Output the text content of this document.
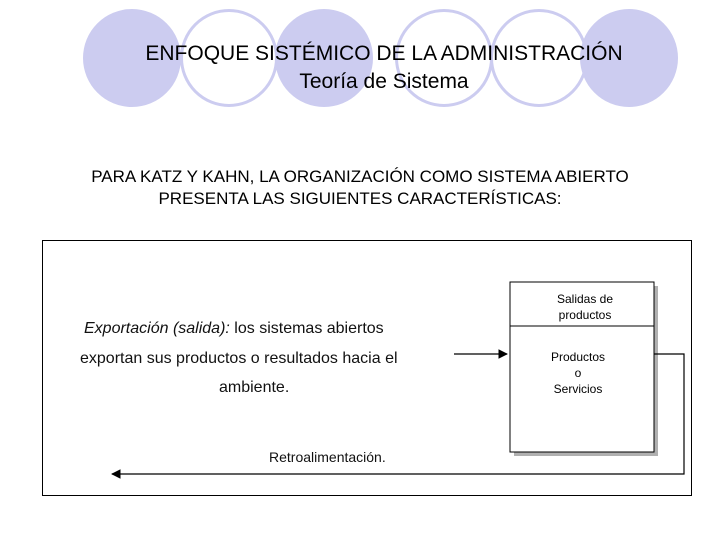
ENFOQUE SISTÉMICO DE LA ADMINISTRACIÓN
Teoría de Sistema
PARA KATZ Y KAHN, LA ORGANIZACIÓN COMO SISTEMA ABIERTO
PRESENTA LAS SIGUIENTES CARACTERÍSTICAS:
Exportación (salida): los sistemas abiertos
exportan sus productos o resultados hacia el
ambiente.
Retroalimentación.
Salidas de
productos
Productos
o
Servicios
